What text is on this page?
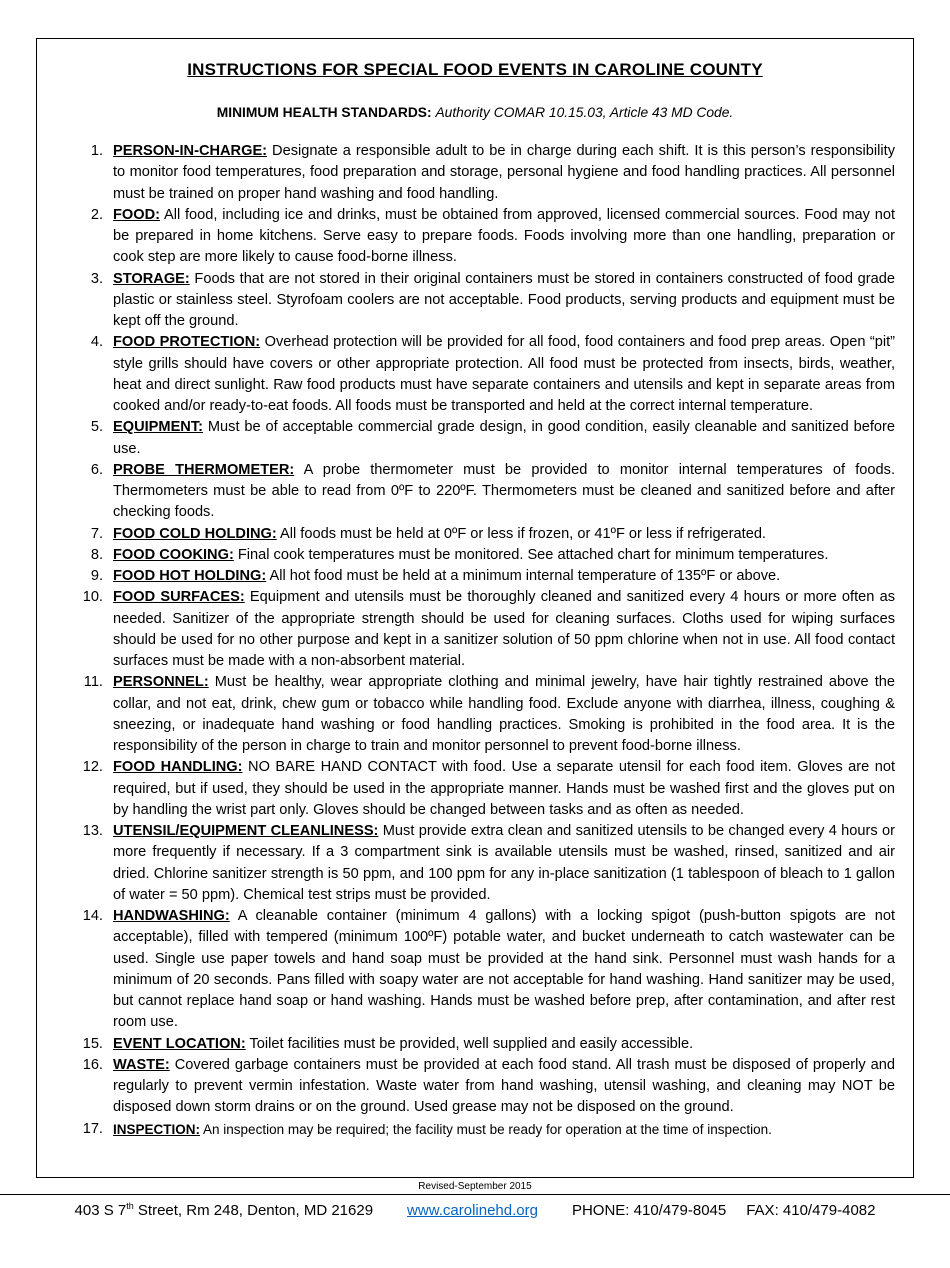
INSTRUCTIONS FOR SPECIAL FOOD EVENTS IN CAROLINE COUNTY

MINIMUM HEALTH STANDARDS: Authority COMAR 10.15.03, Article 43 MD Code.

1. PERSON-IN-CHARGE: Designate a responsible adult to be in charge during each shift. It is this person’s responsibility to monitor food temperatures, food preparation and storage, personal hygiene and food handling practices. All personnel must be trained on proper hand washing and food handling.
2. FOOD: All food, including ice and drinks, must be obtained from approved, licensed commercial sources. Food may not be prepared in home kitchens. Serve easy to prepare foods. Foods involving more than one handling, preparation or cook step are more likely to cause food-borne illness.
3. STORAGE: Foods that are not stored in their original containers must be stored in containers constructed of food grade plastic or stainless steel. Styrofoam coolers are not acceptable. Food products, serving products and equipment must be kept off the ground.
4. FOOD PROTECTION: Overhead protection will be provided for all food, food containers and food prep areas. Open “pit” style grills should have covers or other appropriate protection. All food must be protected from insects, birds, weather, heat and direct sunlight. Raw food products must have separate containers and utensils and kept in separate areas from cooked and/or ready-to-eat foods. All foods must be transported and held at the correct internal temperature.
5. EQUIPMENT: Must be of acceptable commercial grade design, in good condition, easily cleanable and sanitized before use.
6. PROBE THERMOMETER: A probe thermometer must be provided to monitor internal temperatures of foods. Thermometers must be able to read from 0ºF to 220ºF. Thermometers must be cleaned and sanitized before and after checking foods.
7. FOOD COLD HOLDING: All foods must be held at 0ºF or less if frozen, or 41ºF or less if refrigerated.
8. FOOD COOKING: Final cook temperatures must be monitored. See attached chart for minimum temperatures.
9. FOOD HOT HOLDING: All hot food must be held at a minimum internal temperature of 135ºF or above.
10. FOOD SURFACES: Equipment and utensils must be thoroughly cleaned and sanitized every 4 hours or more often as needed. Sanitizer of the appropriate strength should be used for cleaning surfaces. Cloths used for wiping surfaces should be used for no other purpose and kept in a sanitizer solution of 50 ppm chlorine when not in use. All food contact surfaces must be made with a non-absorbent material.
11. PERSONNEL: Must be healthy, wear appropriate clothing and minimal jewelry, have hair tightly restrained above the collar, and not eat, drink, chew gum or tobacco while handling food. Exclude anyone with diarrhea, illness, coughing & sneezing, or inadequate hand washing or food handling practices. Smoking is prohibited in the food area. It is the responsibility of the person in charge to train and monitor personnel to prevent food-borne illness.
12. FOOD HANDLING: NO BARE HAND CONTACT with food. Use a separate utensil for each food item. Gloves are not required, but if used, they should be used in the appropriate manner. Hands must be washed first and the gloves put on by handling the wrist part only. Gloves should be changed between tasks and as often as needed.
13. UTENSIL/EQUIPMENT CLEANLINESS: Must provide extra clean and sanitized utensils to be changed every 4 hours or more frequently if necessary. If a 3 compartment sink is available utensils must be washed, rinsed, sanitized and air dried. Chlorine sanitizer strength is 50 ppm, and 100 ppm for any in-place sanitization (1 tablespoon of bleach to 1 gallon of water = 50 ppm). Chemical test strips must be provided.
14. HANDWASHING: A cleanable container (minimum 4 gallons) with a locking spigot (push-button spigots are not acceptable), filled with tempered (minimum 100ºF) potable water, and bucket underneath to catch wastewater can be used. Single use paper towels and hand soap must be provided at the hand sink. Personnel must wash hands for a minimum of 20 seconds. Pans filled with soapy water are not acceptable for hand washing. Hand sanitizer may be used, but cannot replace hand soap or hand washing. Hands must be washed before prep, after contamination, and after rest room use.
15. EVENT LOCATION: Toilet facilities must be provided, well supplied and easily accessible.
16. WASTE: Covered garbage containers must be provided at each food stand. All trash must be disposed of properly and regularly to prevent vermin infestation. Waste water from hand washing, utensil washing, and cleaning may NOT be disposed down storm drains or on the ground. Used grease may not be disposed on the ground.
17. INSPECTION: An inspection may be required; the facility must be ready for operation at the time of inspection.
Revised-September 2015
403 S 7th Street, Rm 248, Denton, MD 21629 www.carolinehd.org PHONE: 410/479-8045 FAX: 410/479-4082
